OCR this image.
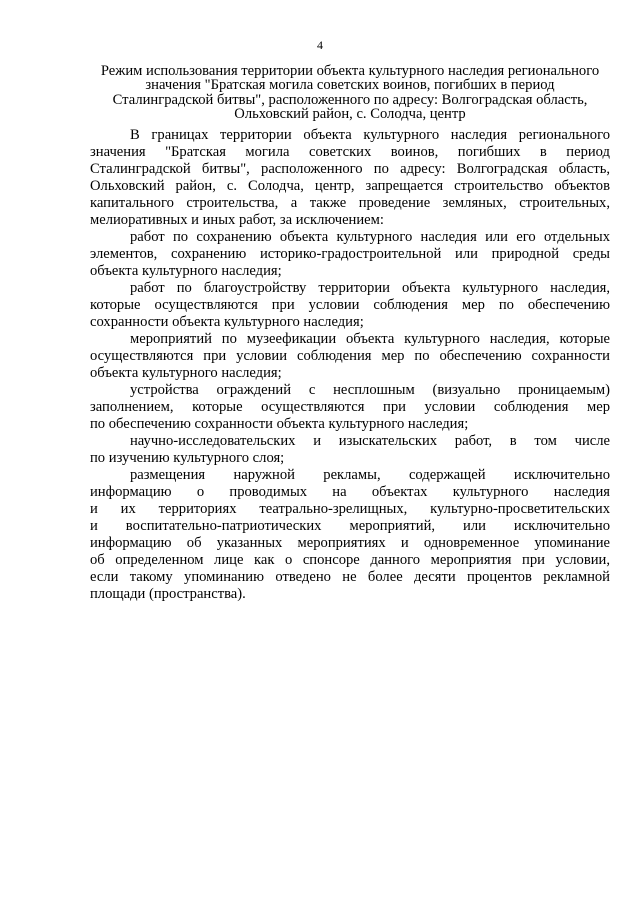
4
Режим использования территории объекта культурного наследия регионального
значения "Братская могила советских воинов, погибших в период
Сталинградской битвы", расположенного по адресу: Волгоградская область,
Ольховский район, с. Солодча, центр
В границах территории объекта культурного наследия регионального
значения "Братская могила советских воинов, погибших в период
Сталинградской битвы", расположенного по адресу: Волгоградская область,
Ольховский район, с. Солодча, центр, запрещается строительство объектов
капитального строительства, а также проведение земляных, строительных,
мелиоративных и иных работ, за исключением:
работ по сохранению объекта культурного наследия или его отдельных
элементов, сохранению историко-градостроительной или природной среды
объекта культурного наследия;
работ по благоустройству территории объекта культурного наследия,
которые осуществляются при условии соблюдения мер по обеспечению
сохранности объекта культурного наследия;
мероприятий по музеефикации объекта культурного наследия, которые
осуществляются при условии соблюдения мер по обеспечению сохранности
объекта культурного наследия;
устройства ограждений с несплошным (визуально проницаемым)
заполнением, которые осуществляются при условии соблюдения мер
по обеспечению сохранности объекта культурного наследия;
научно-исследовательских и изыскательских работ, в том числе
по изучению культурного слоя;
размещения наружной рекламы, содержащей исключительно
информацию о проводимых на объектах культурного наследия
и их территориях театрально-зрелищных, культурно-просветительских
и воспитательно-патриотических мероприятий, или исключительно
информацию об указанных мероприятиях и одновременное упоминание
об определенном лице как о спонсоре данного мероприятия при условии,
если такому упоминанию отведено не более десяти процентов рекламной
площади (пространства).
